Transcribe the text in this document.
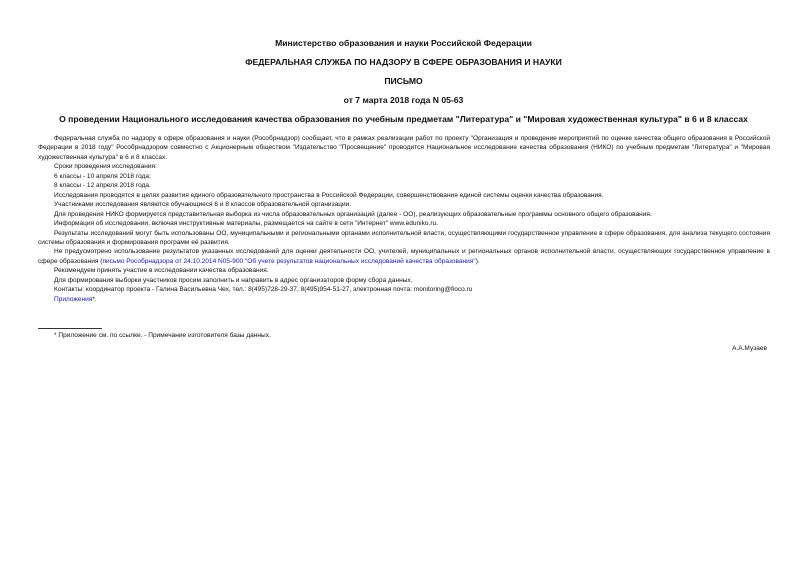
Министерство образования и науки Российской Федерации
ФЕДЕРАЛЬНАЯ СЛУЖБА ПО НАДЗОРУ В СФЕРЕ ОБРАЗОВАНИЯ И НАУКИ
ПИСЬМО
от 7 марта 2018 года N 05-63
О проведении Национального исследования качества образования по учебным предметам "Литература" и "Мировая художественная культура" в 6 и 8 классах

Федеральная служба по надзору в сфере образования и науки (Рособрнадзор) сообщает, что в рамках реализации работ по проекту "Организация и проведение мероприятий по оценке качества общего образования в Российской Федерации в 2018 году" Рособрнадзором совместно с Акционерным обществом "Издательство "Просвещение" проводится Национальное исследование качества образования (НИКО) по учебным предметам "Литература" и "Мировая художественная культура" в 6 и 8 классах.

Сроки проведения исследования:

6 классы - 10 апреля 2018 года;

8 классы - 12 апреля 2018 года.

Исследования проводятся в целях развития единого образовательного пространства в Российской Федерации, совершенствования единой системы оценки качества образования.

Участниками исследования являются обучающиеся 6 и 8 классов образовательной организации.

Для проведения НИКО формируется представительная выборка из числа образовательных организаций (далее - ОО), реализующих образовательные программы основного общего образования.

Информация об исследовании, включая инструктивные материалы, размещается на сайте в сети "Интернет" www.eduniko.ru.

Результаты исследований могут быть использованы ОО, муниципальными и региональными органами исполнительной власти, осуществляющими государственное управление в сфере образования, для анализа текущего состояния системы образования и формирования программ её развития.

Не предусмотрено использование результатов указанных исследований для оценки деятельности ОО, учителей, муниципальных и региональных органов исполнительной власти, осуществляющих государственное управление в сфере образования (письмо Рособрнадзора от 24.10.2014 N05-900 "Об учете результатов национальных исследований качества образования").

Рекомендуем принять участие в исследовании качества образования.

Для формирования выборки участников просим заполнить и направить в адрес организаторов форму сбора данных.

Контакты: координатор проекта - Галина Васильевна Чех, тел.: 8(495)728-29-37, 8(495)954-51-27, электронная почта: monitoring@fioco.ru

Приложения*.

* Приложение см. по ссылке. - Примечание изготовителя базы данных.
А.А.Музаев
